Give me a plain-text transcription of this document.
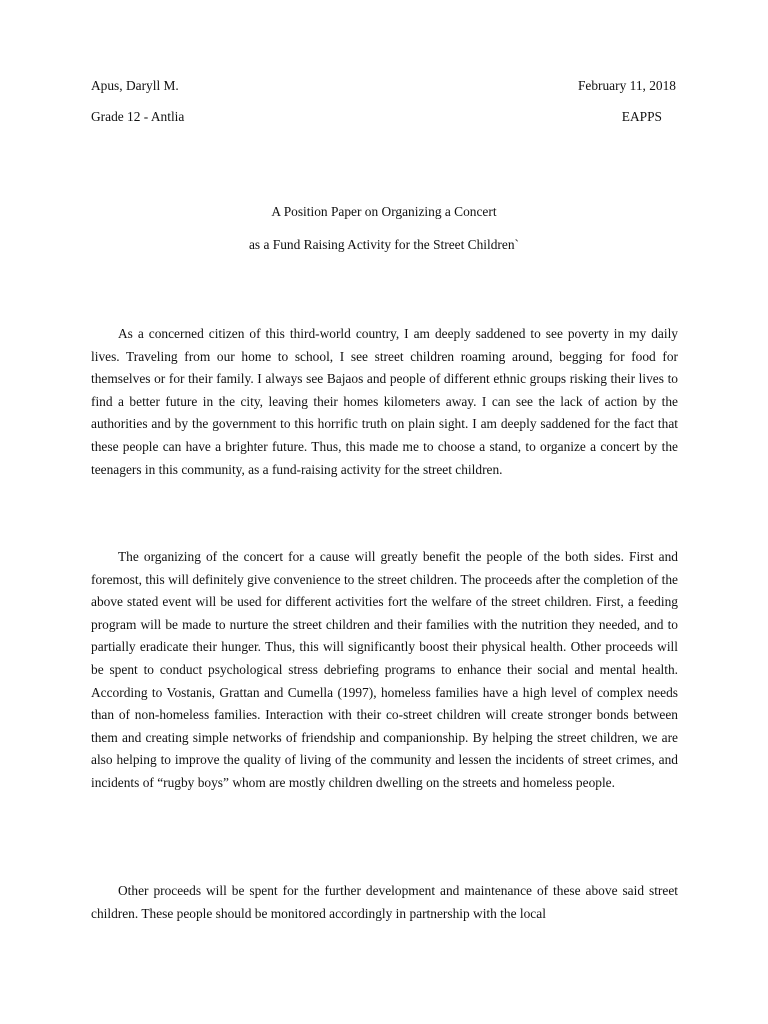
Apus, Daryll M.	February 11, 2018
Grade 12 - Antlia	EAPPS
A Position Paper on Organizing a Concert
as a Fund Raising Activity for the Street Children`

As a concerned citizen of this third-world country, I am deeply saddened to see poverty in my daily lives. Traveling from our home to school, I see street children roaming around, begging for food for themselves or for their family. I always see Bajaos and people of different ethnic groups risking their lives to find a better future in the city, leaving their homes kilometers away. I can see the lack of action by the authorities and by the government to this horrific truth on plain sight. I am deeply saddened for the fact that these people can have a brighter future. Thus, this made me to choose a stand, to organize a concert by the teenagers in this community, as a fund-raising activity for the street children.

The organizing of the concert for a cause will greatly benefit the people of the both sides. First and foremost, this will definitely give convenience to the street children. The proceeds after the completion of the above stated event will be used for different activities fort the welfare of the street children. First, a feeding program will be made to nurture the street children and their families with the nutrition they needed, and to partially eradicate their hunger. Thus, this will significantly boost their physical health. Other proceeds will be spent to conduct psychological stress debriefing programs to enhance their social and mental health. According to Vostanis, Grattan and Cumella (1997), homeless families have a high level of complex needs than of non-homeless families. Interaction with their co-street children will create stronger bonds between them and creating simple networks of friendship and companionship. By helping the street children, we are also helping to improve the quality of living of the community and lessen the incidents of street crimes, and incidents of “rugby boys” whom are mostly children dwelling on the streets and homeless people.

Other proceeds will be spent for the further development and maintenance of these above said street children. These people should be monitored accordingly in partnership with the local
